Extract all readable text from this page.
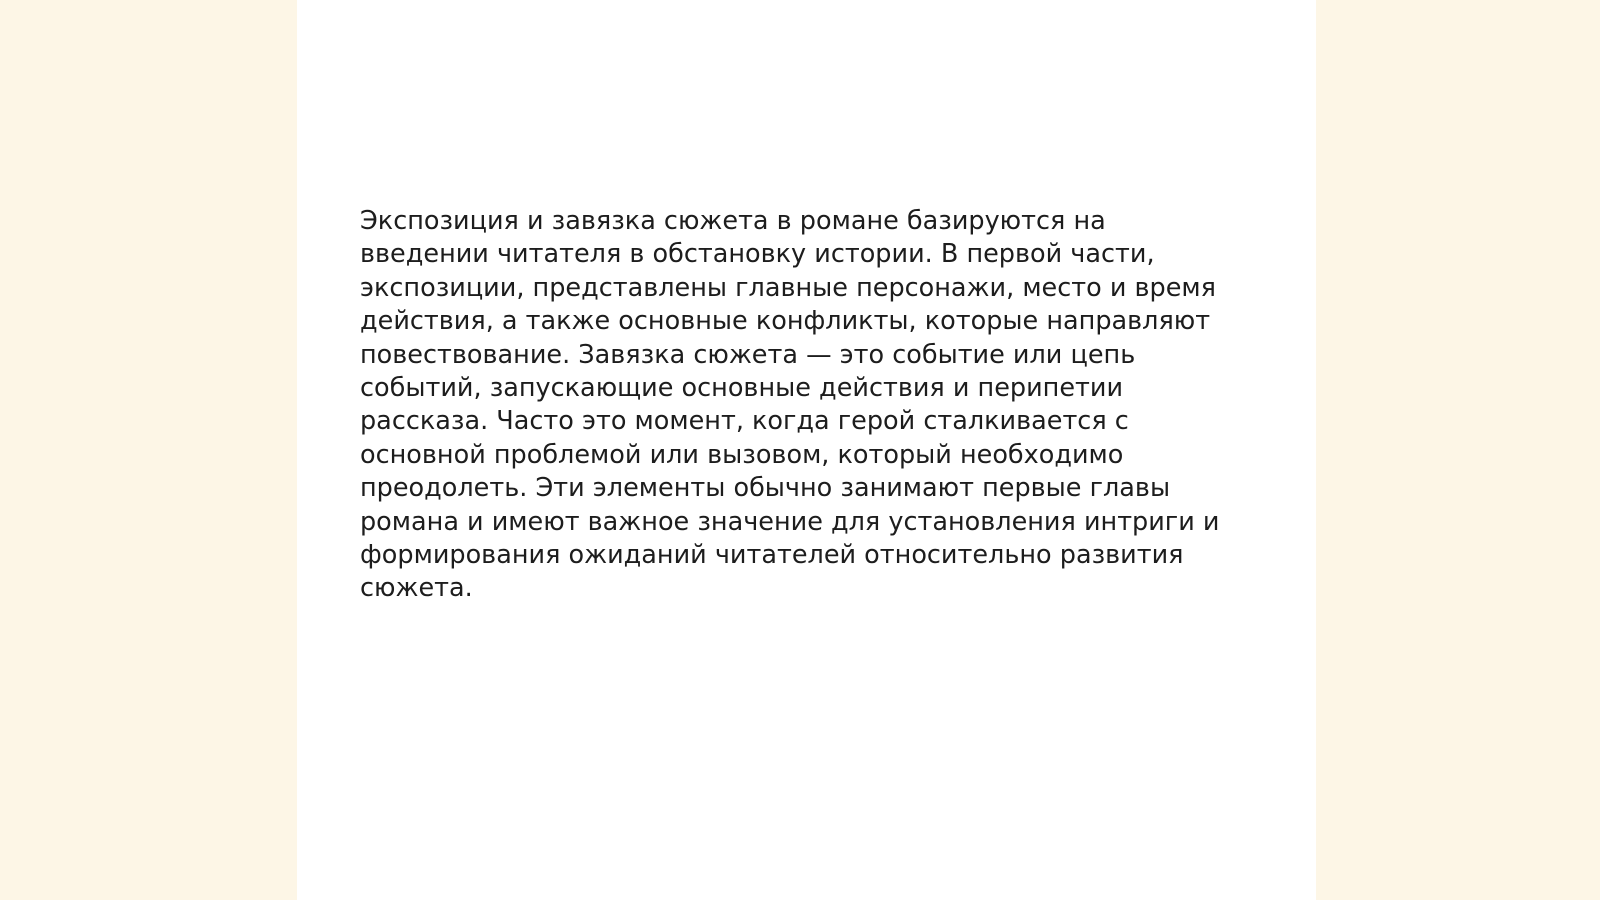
Экспозиция и завязка сюжета в романе базируются на
введении читателя в обстановку истории. В первой части,
экспозиции, представлены главные персонажи, место и время
действия, а также основные конфликты, которые направляют
повествование. Завязка сюжета — это событие или цепь
событий, запускающие основные действия и перипетии
рассказа. Часто это момент, когда герой сталкивается с
основной проблемой или вызовом, который необходимо
преодолеть. Эти элементы обычно занимают первые главы
романа и имеют важное значение для установления интриги и
формирования ожиданий читателей относительно развития
сюжета.
